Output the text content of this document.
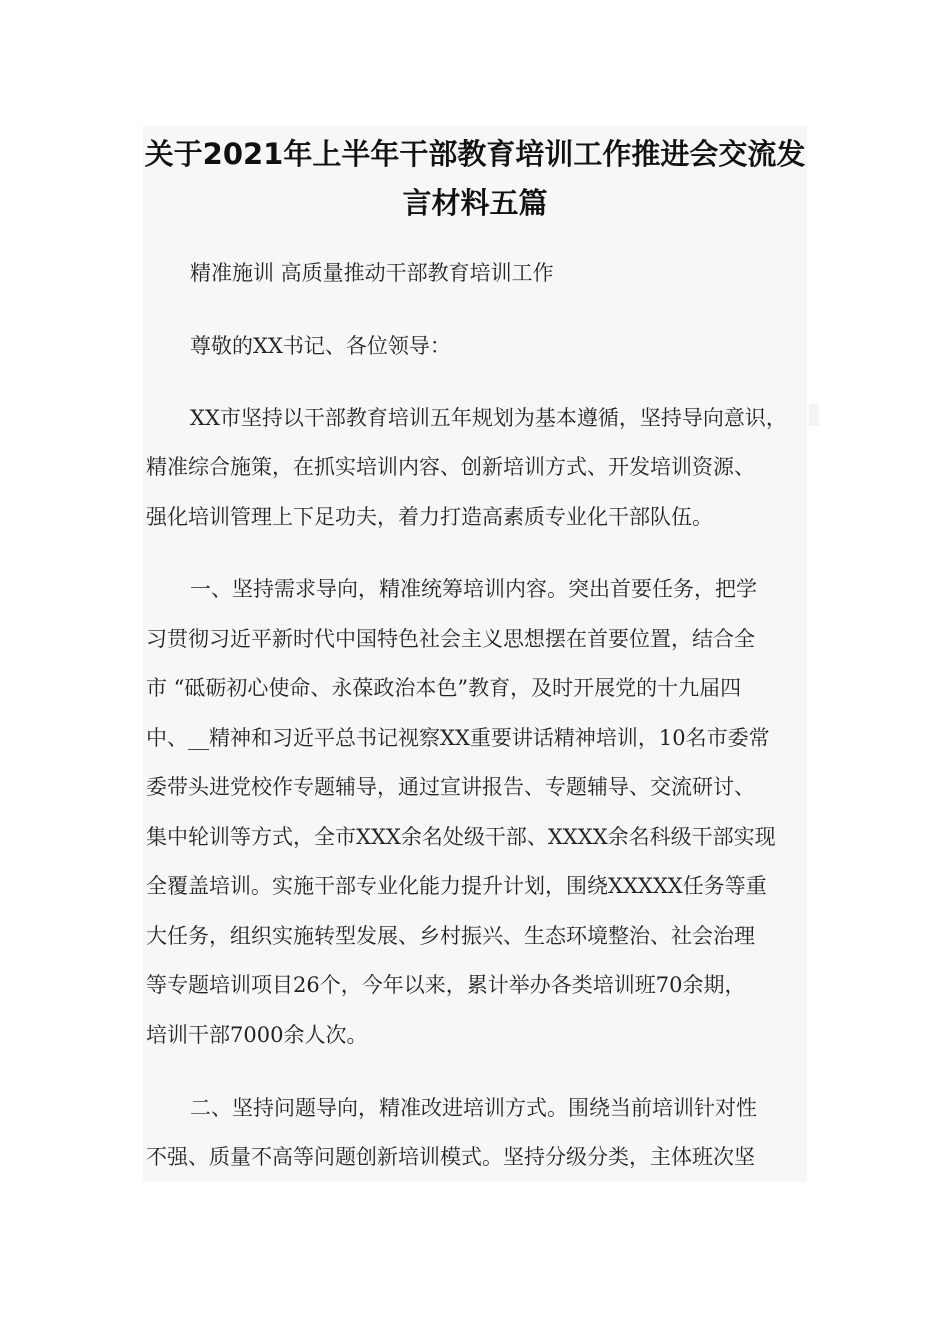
关于2021年上半年干部教育培训工作推进会交流发
言材料五篇
精准施训 高质量推动干部教育培训工作
尊敬的XX书记、各位领导：
XX市坚持以干部教育培训五年规划为基本遵循，坚持导向意识，
精准综合施策，在抓实培训内容、创新培训方式、开发培训资源、
强化培训管理上下足功夫，着力打造高素质专业化干部队伍。
一、坚持需求导向，精准统筹培训内容。突出首要任务，把学
习贯彻习近平新时代中国特色社会主义思想摆在首要位置，结合全
市 “砥砺初心使命、永葆政治本色”教育，及时开展党的十九届四
中、__精神和习近平总书记视察XX重要讲话精神培训，10名市委常
委带头进党校作专题辅导，通过宣讲报告、专题辅导、交流研讨、
集中轮训等方式，全市XXX余名处级干部、XXXX余名科级干部实现
全覆盖培训。实施干部专业化能力提升计划，围绕XXXXX任务等重
大任务，组织实施转型发展、乡村振兴、生态环境整治、社会治理
等专题培训项目26个，今年以来，累计举办各类培训班70余期，
培训干部7000余人次。
二、坚持问题导向，精准改进培训方式。围绕当前培训针对性
不强、质量不高等问题创新培训模式。坚持分级分类，主体班次坚
